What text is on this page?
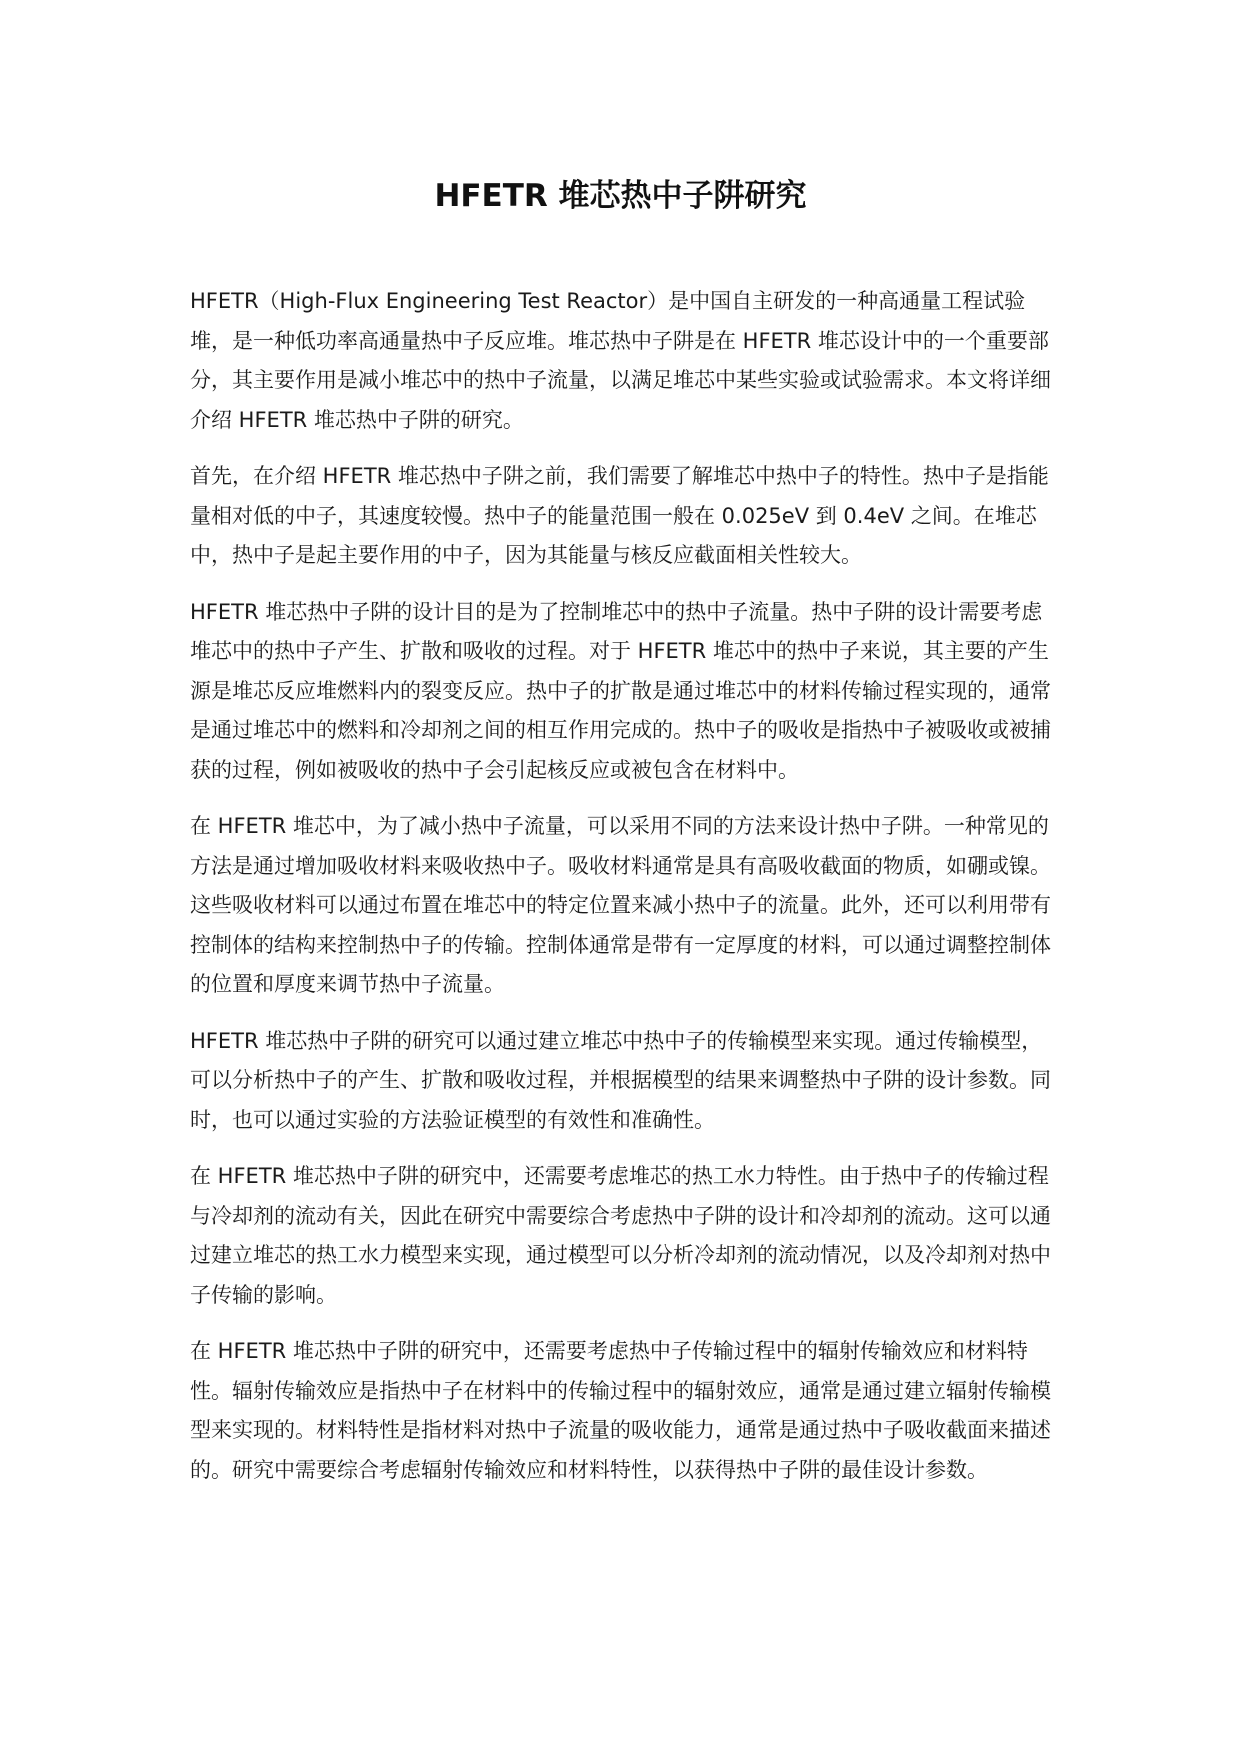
HFETR 堆芯热中子阱研究

HFETR（High-Flux Engineering Test Reactor）是中国自主研发的一种高通量工程试验堆，是一种低功率高通量热中子反应堆。堆芯热中子阱是在 HFETR 堆芯设计中的一个重要部分，其主要作用是减小堆芯中的热中子流量，以满足堆芯中某些实验或试验需求。本文将详细介绍 HFETR 堆芯热中子阱的研究。

首先，在介绍 HFETR 堆芯热中子阱之前，我们需要了解堆芯中热中子的特性。热中子是指能量相对低的中子，其速度较慢。热中子的能量范围一般在 0.025eV 到 0.4eV 之间。在堆芯中，热中子是起主要作用的中子，因为其能量与核反应截面相关性较大。

HFETR 堆芯热中子阱的设计目的是为了控制堆芯中的热中子流量。热中子阱的设计需要考虑堆芯中的热中子产生、扩散和吸收的过程。对于 HFETR 堆芯中的热中子来说，其主要的产生源是堆芯反应堆燃料内的裂变反应。热中子的扩散是通过堆芯中的材料传输过程实现的，通常是通过堆芯中的燃料和冷却剂之间的相互作用完成的。热中子的吸收是指热中子被吸收或被捕获的过程，例如被吸收的热中子会引起核反应或被包含在材料中。

在 HFETR 堆芯中，为了减小热中子流量，可以采用不同的方法来设计热中子阱。一种常见的方法是通过增加吸收材料来吸收热中子。吸收材料通常是具有高吸收截面的物质，如硼或镍。这些吸收材料可以通过布置在堆芯中的特定位置来减小热中子的流量。此外，还可以利用带有控制体的结构来控制热中子的传输。控制体通常是带有一定厚度的材料，可以通过调整控制体的位置和厚度来调节热中子流量。

HFETR 堆芯热中子阱的研究可以通过建立堆芯中热中子的传输模型来实现。通过传输模型，可以分析热中子的产生、扩散和吸收过程，并根据模型的结果来调整热中子阱的设计参数。同时，也可以通过实验的方法验证模型的有效性和准确性。

在 HFETR 堆芯热中子阱的研究中，还需要考虑堆芯的热工水力特性。由于热中子的传输过程与冷却剂的流动有关，因此在研究中需要综合考虑热中子阱的设计和冷却剂的流动。这可以通过建立堆芯的热工水力模型来实现，通过模型可以分析冷却剂的流动情况，以及冷却剂对热中子传输的影响。

在 HFETR 堆芯热中子阱的研究中，还需要考虑热中子传输过程中的辐射传输效应和材料特性。辐射传输效应是指热中子在材料中的传输过程中的辐射效应，通常是通过建立辐射传输模型来实现的。材料特性是指材料对热中子流量的吸收能力，通常是通过热中子吸收截面来描述的。研究中需要综合考虑辐射传输效应和材料特性，以获得热中子阱的最佳设计参数。
